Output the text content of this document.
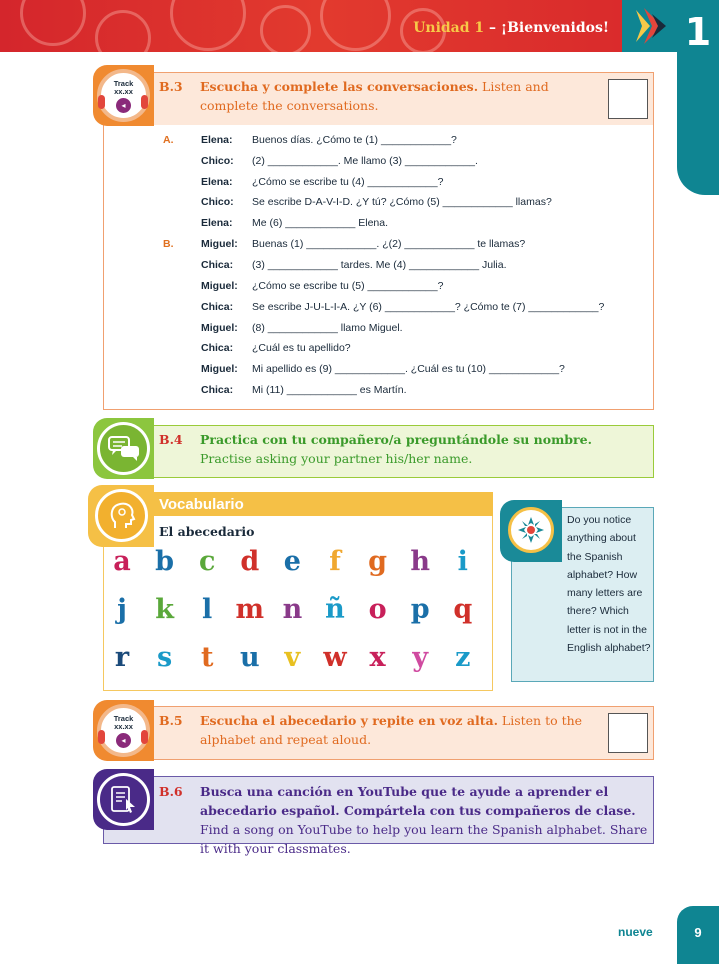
Unidad 1 – ¡Bienvenidos! 1
Track
xx.xx
◂
B.3 Escucha y complete las conversaciones. Listen and complete the conversations.
A.	Elena: Buenos días. ¿Cómo te (1) ____________?
Chico: (2) ____________. Me llamo (3) ____________.
Elena: ¿Cómo se escribe tu (4) ____________?
Chico: Se escribe D-A-V-I-D. ¿Y tú? ¿Cómo (5) ____________ llamas?
Elena: Me (6) ____________ Elena.
B.	Miguel: Buenas (1) ____________. ¿(2) ____________ te llamas?
Chica: (3) ____________ tardes. Me (4) ____________ Julia.
Miguel: ¿Cómo se escribe tu (5) ____________?
Chica: Se escribe J-U-L-I-A. ¿Y (6) ____________? ¿Cómo te (7) ____________?
Miguel: (8) ____________ llamo Miguel.
Chica: ¿Cuál es tu apellido?
Miguel: Mi apellido es (9) ____________. ¿Cuál es tu (10) ____________?
Chica: Mi (11) ____________ es Martín.
B.4 Practica con tu compañero/a preguntándole su nombre.
Practise asking your partner his/her name.
Vocabulario
El abecedario
a b c d e	f	g h	i
j	k	l m n ñ o p q
r	s	t u v w x y	z
Do you notice anything about the Spanish alphabet? How many letters are there? Which letter is not in the English alphabet?
Track
xx.xx
◂
B.5 Escucha el abecedario y repite en voz alta. Listen to the alphabet and repeat aloud.
B.6 Busca una canción en YouTube que te ayude a aprender el abecedario español. Compártela con tus compañeros de clase. Find a song on YouTube to help you learn the Spanish alphabet. Share it with your classmates.
nueve	9
